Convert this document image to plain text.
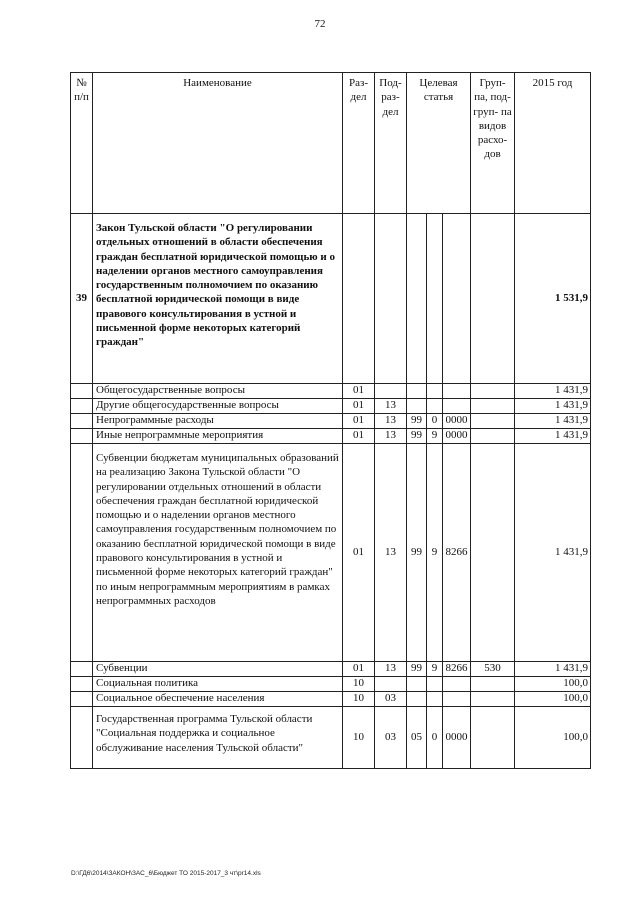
72
№ п/п	Наименование	Раз- дел	Под- раз- дел	Целевая статья			Груп- па, под- груп- па видов расхо- дов	2015 год
39	Закон Тульской области "О регулировании отдельных отношений в области обеспечения граждан бесплатной юридической помощью и о наделении органов местного самоуправления государственным полномочием по оказанию бесплатной юридической помощи в виде правового консультирования в устной и письменной форме некоторых категорий граждан"							1 531,9
	Общегосударственные вопросы	01						1 431,9
	Другие общегосударственные вопросы	01	13					1 431,9
	Непрограммные расходы	01	13	99	0	0000		1 431,9
	Иные непрограммные мероприятия	01	13	99	9	0000		1 431,9
	Субвенции бюджетам муниципальных образований на реализацию Закона Тульской области "О регулировании отдельных отношений в области обеспечения граждан бесплатной юридической помощью и о наделении органов местного самоуправления государственным полномочием по оказанию бесплатной юридической помощи в виде правового консультирования в устной и письменной форме некоторых категорий граждан" по иным непрограммным мероприятиям в рамках непрограммных расходов	01	13	99	9	8266		1 431,9
	Субвенции	01	13	99	9	8266	530	1 431,9
	Социальная политика	10						100,0
	Социальное обеспечение населения	10	03					100,0
	Государственная программа Тульской области "Социальная поддержка и социальное обслуживание населения Тульской области"	10	03	05	0	0000		100,0
D:\ГД6\2014\ЗАКОН\ЗАС_6\Бюджет ТО 2015-2017_3 чт\pr14.xls
